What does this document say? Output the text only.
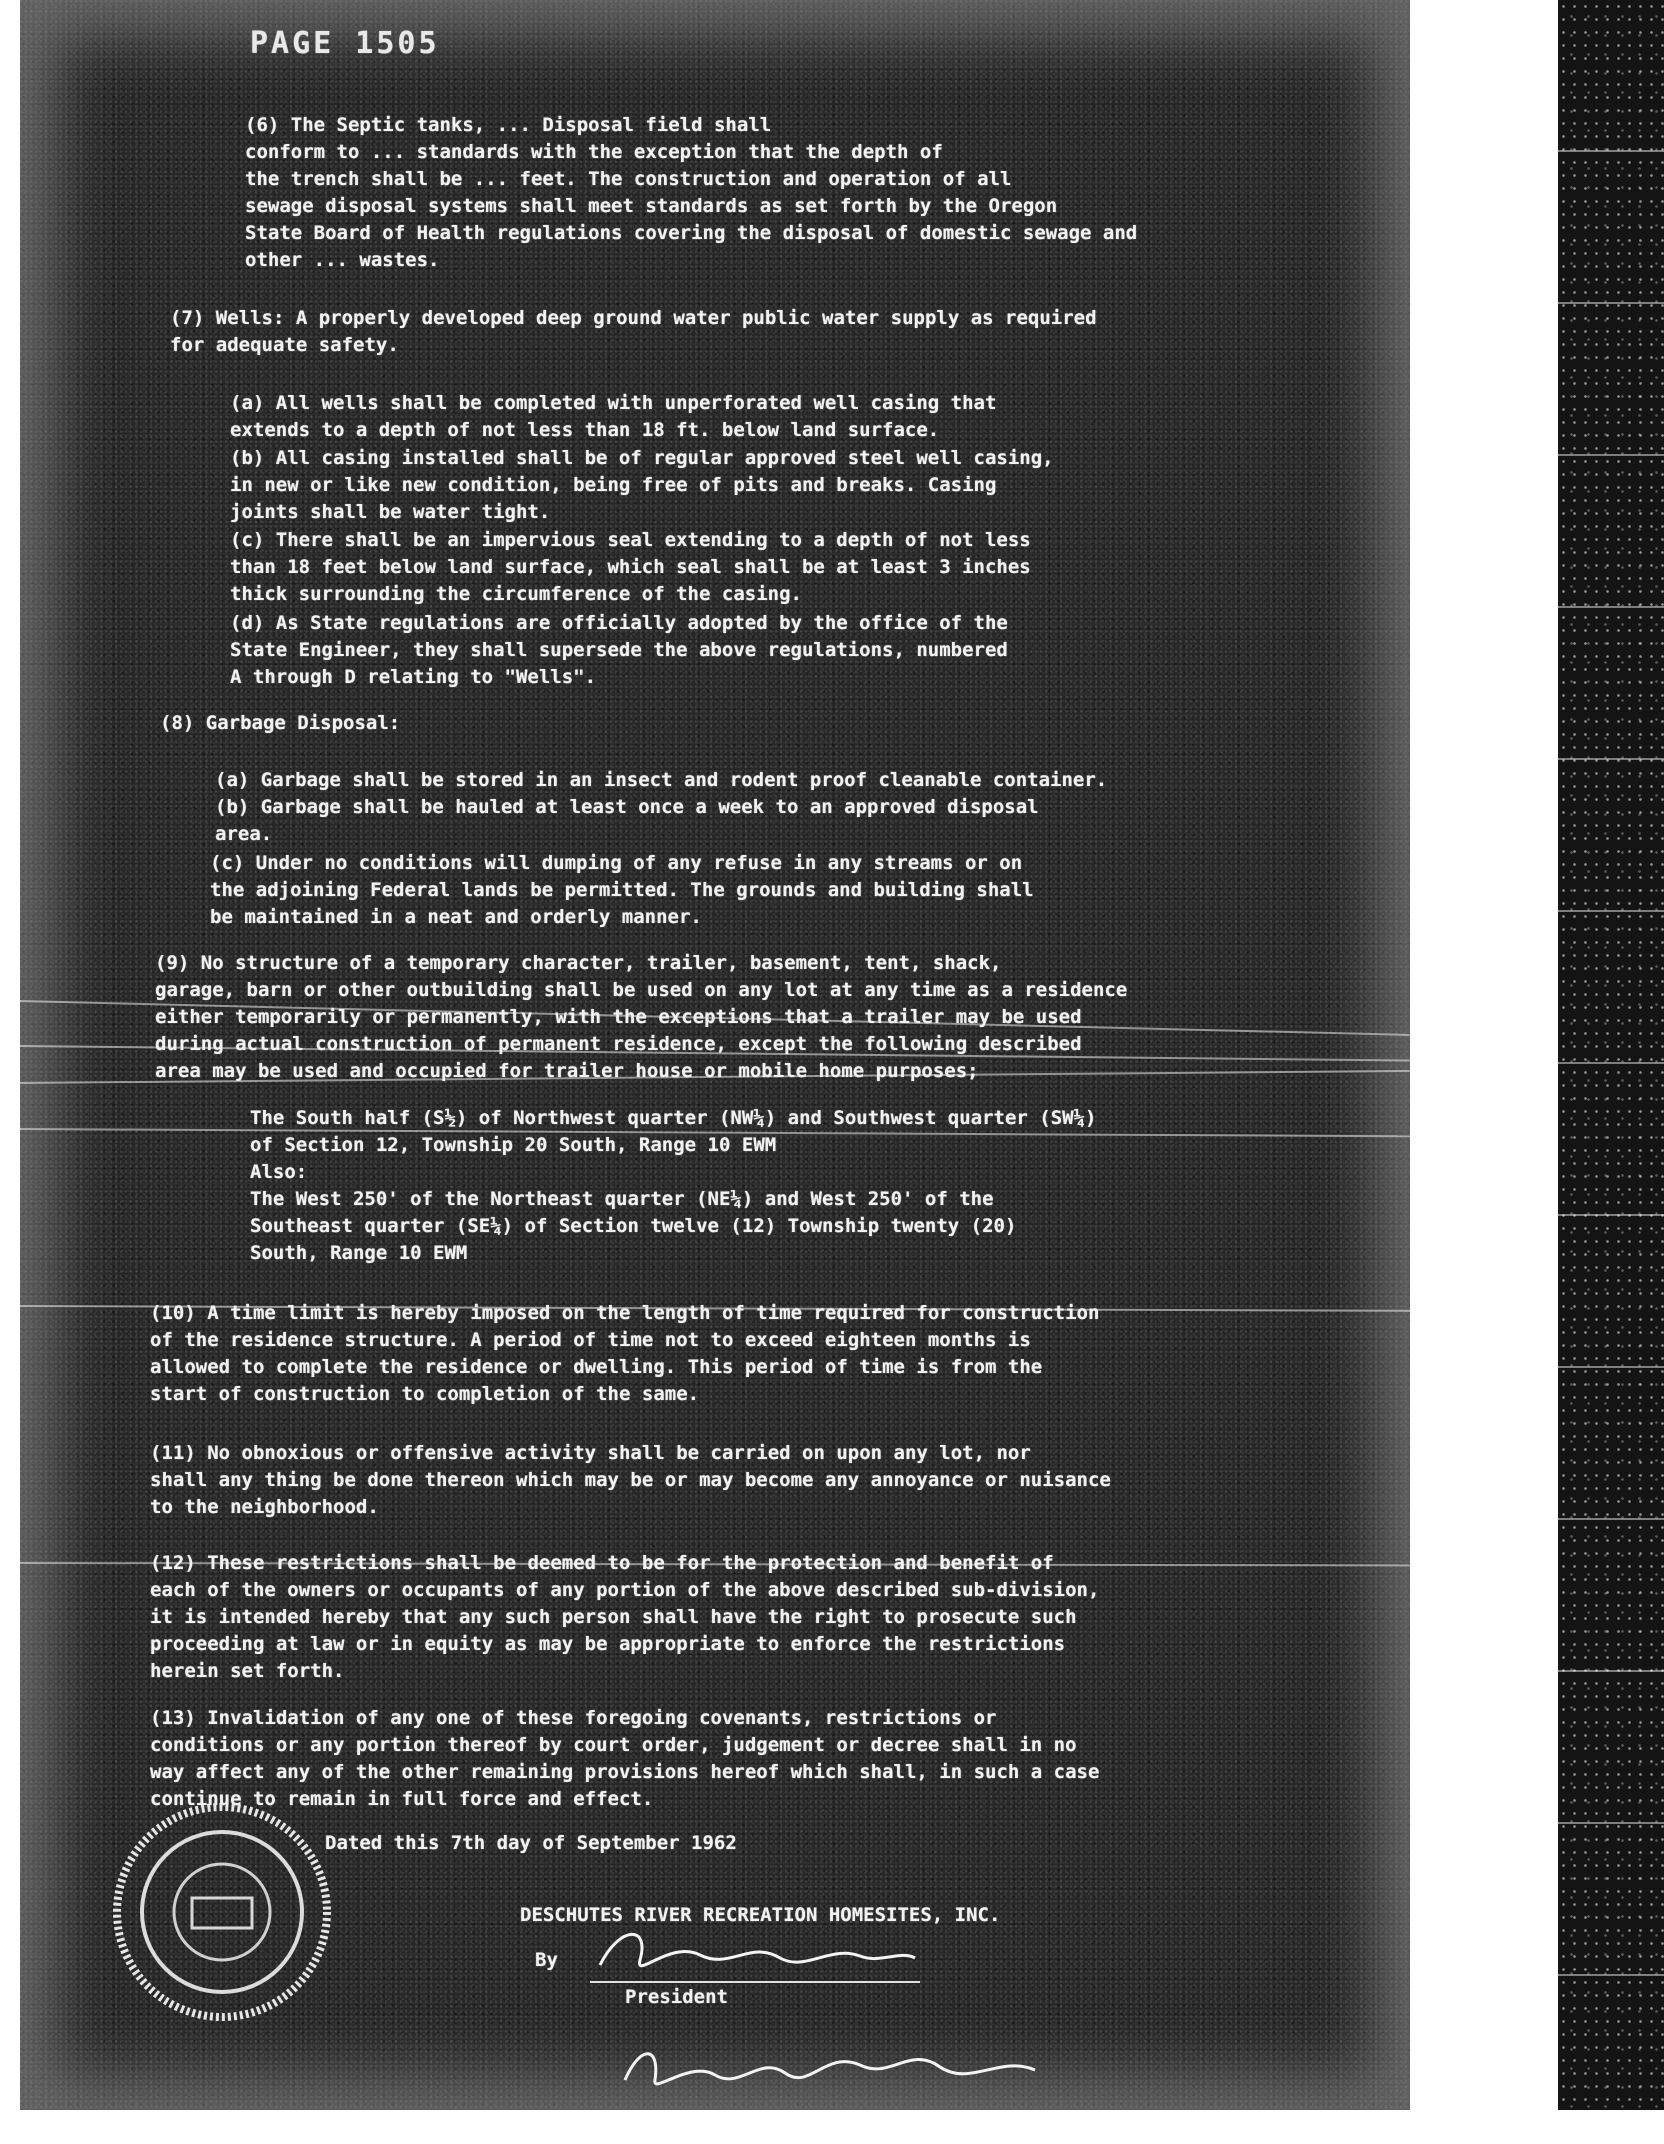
PAGE 1505

(6) The Septic tanks, ... Disposal field shall
conform to ... standards with the exception that the depth of
the trench shall be ... feet. The construction and operation of all
sewage disposal systems shall meet standards as set forth by the Oregon
State Board of Health regulations covering the disposal of domestic sewage and
other ... wastes.

(7) Wells: A properly developed deep ground water public water supply as required
for adequate safety.

(a) All wells shall be completed with unperforated well casing that
extends to a depth of not less than 18 ft. below land surface.

(b) All casing installed shall be of regular approved steel well casing,
in new or like new condition, being free of pits and breaks. Casing
joints shall be water tight.

(c) There shall be an impervious seal extending to a depth of not less
than 18 feet below land surface, which seal shall be at least 3 inches
thick surrounding the circumference of the casing.

(d) As State regulations are officially adopted by the office of the
State Engineer, they shall supersede the above regulations, numbered
A through D relating to "Wells".

(8) Garbage Disposal:

(a) Garbage shall be stored in an insect and rodent proof cleanable container.

(b) Garbage shall be hauled at least once a week to an approved disposal
area.

(c) Under no conditions will dumping of any refuse in any streams or on
the adjoining Federal lands be permitted. The grounds and building shall
be maintained in a neat and orderly manner.

(9) No structure of a temporary character, trailer, basement, tent, shack,
garage, barn or other outbuilding shall be used on any lot at any time as a residence
either temporarily or permanently, with the exceptions that a trailer may be used
during actual construction of permanent residence, except the following described
area may be used and occupied for trailer house or mobile home purposes;

The South half (S½) of Northwest quarter (NW¼) and Southwest quarter (SW¼)
of Section 12, Township 20 South, Range 10 EWM
Also:
The West 250' of the Northeast quarter (NE¼) and West 250' of the
Southeast quarter (SE¼) of Section twelve (12) Township twenty (20)
South, Range 10 EWM

(10) A time limit is hereby imposed on the length of time required for construction
of the residence structure. A period of time not to exceed eighteen months is
allowed to complete the residence or dwelling. This period of time is from the
start of construction to completion of the same.

(11) No obnoxious or offensive activity shall be carried on upon any lot, nor
shall any thing be done thereon which may be or may become any annoyance or nuisance
to the neighborhood.

(12) These restrictions shall be deemed to be for the protection and benefit of
each of the owners or occupants of any portion of the above described sub-division,
it is intended hereby that any such person shall have the right to prosecute such
proceeding at law or in equity as may be appropriate to enforce the restrictions
herein set forth.

(13) Invalidation of any one of these foregoing covenants, restrictions or
conditions or any portion thereof by court order, judgement or decree shall in no
way affect any of the other remaining provisions hereof which shall, in such a case
continue to remain in full force and effect.

Dated this 7th day of September 1962

DESCHUTES RIVER RECREATION HOMESITES, INC.

By

President
